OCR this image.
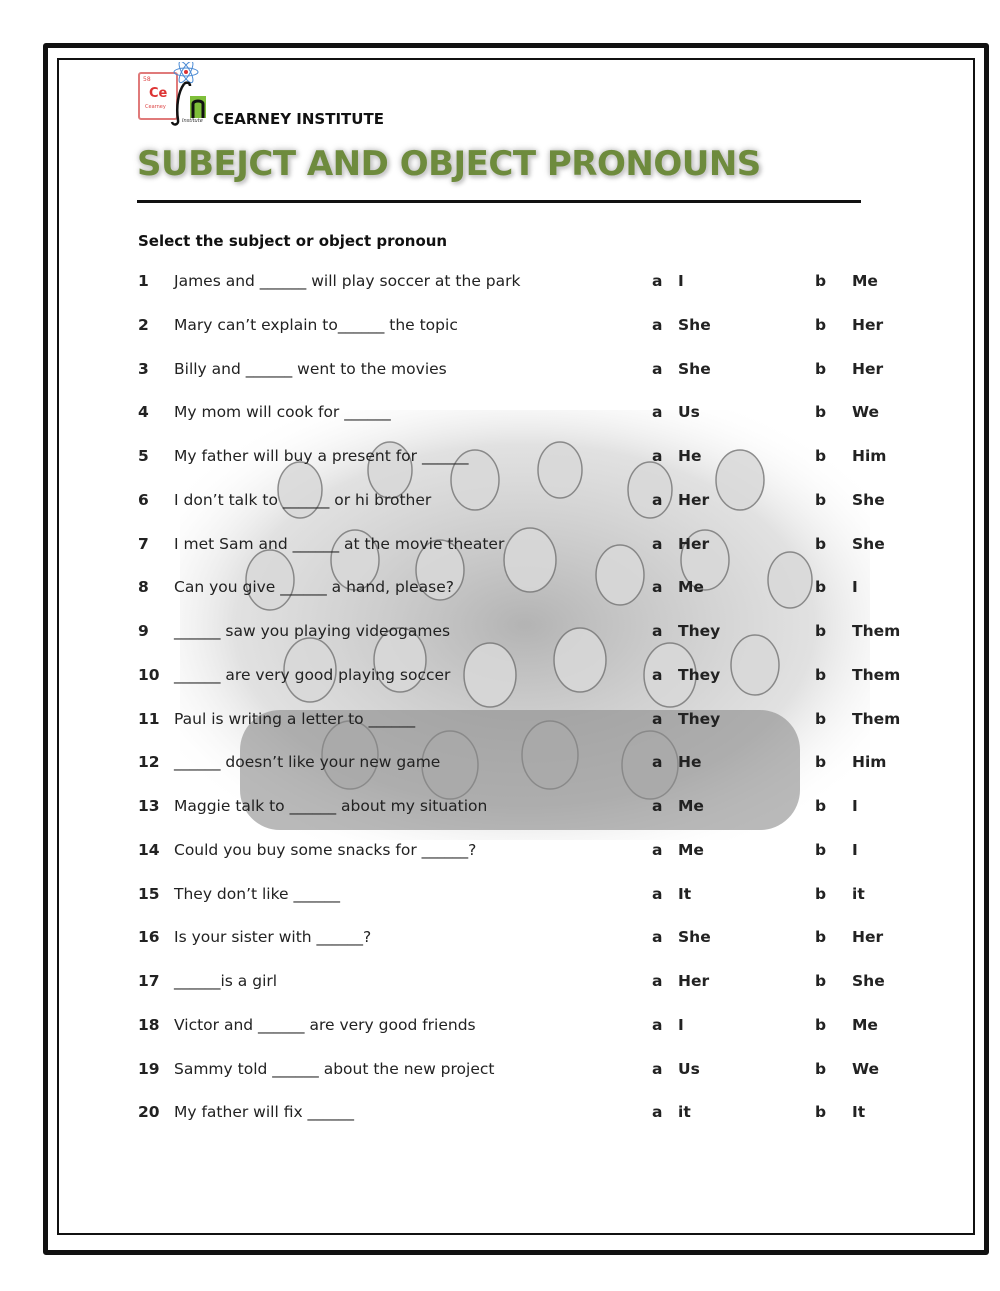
58
Ce
Cearney
Institute CEARNEY INSTITUTE
SUBEJCT AND OBJECT PRONOUNS
Select the subject or object pronoun
1 James and ______ will play soccer at the park	a I	b Me
2 Mary can’t explain to______ the topic	a She	b Her
3 Billy and ______ went to the movies	a She	b Her
4 My mom will cook for ______	a Us	b We
5 My father will buy a present for ______	a He	b Him
6 I don’t talk to ______ or hi brother	a Her	b She
7 I met Sam and ______ at the movie theater	a Her	b She
8 Can you give ______ a hand, please?	a Me	b I
9 ______ saw you playing videogames	a They	b Them
10 ______ are very good playing soccer	a They	b Them
11 Paul is writing a letter to ______	a They	b Them
12 ______ doesn’t like your new game	a He	b Him
13 Maggie talk to ______ about my situation	a Me	b I
14 Could you buy some snacks for ______?	a Me	b I
15 They don’t like ______	a It	b it
16 Is your sister with ______?	a She	b Her
17 ______is a girl	a Her	b She
18 Victor and ______ are very good friends	a I	b Me
19 Sammy told ______ about the new project	a Us	b We
20 My father will fix ______	a it	b It
